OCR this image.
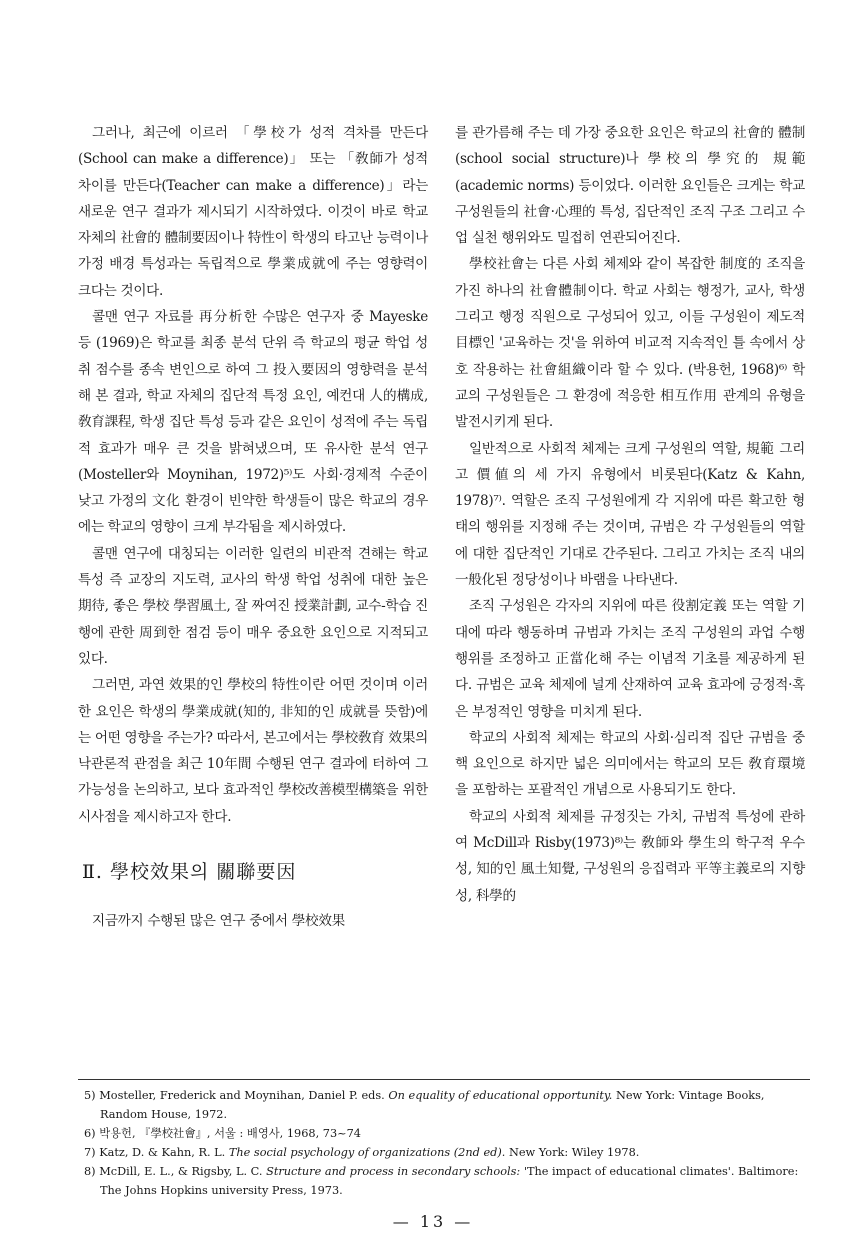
그러나, 최근에 이르러 「學校가 성적 격차를 만든다(School can make a difference)」 또는 「敎師가 성적 차이를 만든다(Teacher can make a difference)」라는 새로운 연구 결과가 제시되기 시작하였다. 이것이 바로 학교 자체의 社會的 體制要因이나 特性이 학생의 타고난 능력이나 가정 배경 특성과는 독립적으로 學業成就에 주는 영향력이 크다는 것이다.

콜맨 연구 자료를 再分析한 수많은 연구자 중 Mayeske 등 (1969)은 학교를 최종 분석 단위 즉 학교의 평균 학업 성취 점수를 종속 변인으로 하여 그 投入要因의 영향력을 분석해 본 결과, 학교 자체의 집단적 특정 요인, 예컨대 人的構成, 敎育課程, 학생 집단 특성 등과 같은 요인이 성적에 주는 독립적 효과가 매우 큰 것을 밝혀냈으며, 또 유사한 분석 연구(Mosteller와 Moynihan, 1972)⁵⁾도 사회·경제적 수준이 낮고 가정의 文化 환경이 빈약한 학생들이 많은 학교의 경우에는 학교의 영향이 크게 부각됨을 제시하였다.

콜맨 연구에 대칭되는 이러한 일련의 비관적 견해는 학교 특성 즉 교장의 지도력, 교사의 학생 학업 성취에 대한 높은 期待, 좋은 學校 學習風土, 잘 짜여진 授業計劃, 교수-학습 진행에 관한 周到한 점검 등이 매우 중요한 요인으로 지적되고 있다.

그러면, 과연 效果的인 學校의 特性이란 어떤 것이며 이러한 요인은 학생의 學業成就(知的, 非知的인 成就를 뜻함)에는 어떤 영향을 주는가? 따라서, 본고에서는 學校敎育 效果의 낙관론적 관점을 최근 10年間 수행된 연구 결과에 터하여 그 가능성을 논의하고, 보다 효과적인 學校改善模型構築을 위한 시사점을 제시하고자 한다.

Ⅱ. 學校效果의 關聯要因

지금까지 수행된 많은 연구 중에서 學校效果

를 관가름해 주는 데 가장 중요한 요인은 학교의 社會的 體制(school social structure)나 學校의 學究的 規範(academic norms) 등이었다. 이러한 요인들은 크게는 학교 구성원들의 社會·心理的 특성, 집단적인 조직 구조 그리고 수업 실천 행위와도 밀접히 연관되어진다.

學校社會는 다른 사회 체제와 같이 복잡한 制度的 조직을 가진 하나의 社會體制이다. 학교 사회는 행정가, 교사, 학생 그리고 행정 직원으로 구성되어 있고, 이들 구성원이 제도적 目標인 '교육하는 것'을 위하여 비교적 지속적인 틀 속에서 상호 작용하는 社會組織이라 할 수 있다. (박용헌, 1968)⁶⁾ 학교의 구성원들은 그 환경에 적응한 相互作用 관계의 유형을 발전시키게 된다.

일반적으로 사회적 체제는 크게 구성원의 역할, 規範 그리고 價値의 세 가지 유형에서 비롯된다(Katz & Kahn, 1978)⁷⁾. 역할은 조직 구성원에게 각 지위에 따른 확고한 형태의 행위를 지정해 주는 것이며, 규범은 각 구성원들의 역할에 대한 집단적인 기대로 간주된다. 그리고 가치는 조직 내의 一般化된 정당성이나 바램을 나타낸다.

조직 구성원은 각자의 지위에 따른 役割定義 또는 역할 기대에 따라 행동하며 규범과 가치는 조직 구성원의 과업 수행 행위를 조정하고 正當化해 주는 이념적 기초를 제공하게 된다. 규범은 교육 체제에 널게 산재하여 교육 효과에 긍정적·혹은 부정적인 영향을 미치게 된다.

학교의 사회적 체제는 학교의 사회·심리적 집단 규범을 중핵 요인으로 하지만 넓은 의미에서는 학교의 모든 敎育環境을 포함하는 포괄적인 개념으로 사용되기도 한다.

학교의 사회적 체제를 규정짓는 가치, 규범적 특성에 관하여 McDill과 Risby(1973)⁸⁾는 敎師와 學生의 학구적 우수성, 知的인 風土知覺, 구성원의 응집력과 平等主義로의 지향성, 科學的

5) Mosteller, Frederick and Moynihan, Daniel P. eds. On equality of educational opportunity. New York: Vintage Books, Random House, 1972.

6) 박용헌, 『學校社會』, 서울 : 배영사, 1968, 73~74

7) Katz, D. & Kahn, R. L. The social psychology of organizations (2nd ed). New York: Wiley 1978.

8) McDill, E. L., & Rigsby, L. C. Structure and process in secondary schools: 'The impact of educational climates'. Baltimore: The Johns Hopkins university Press, 1973.

— 13 —
